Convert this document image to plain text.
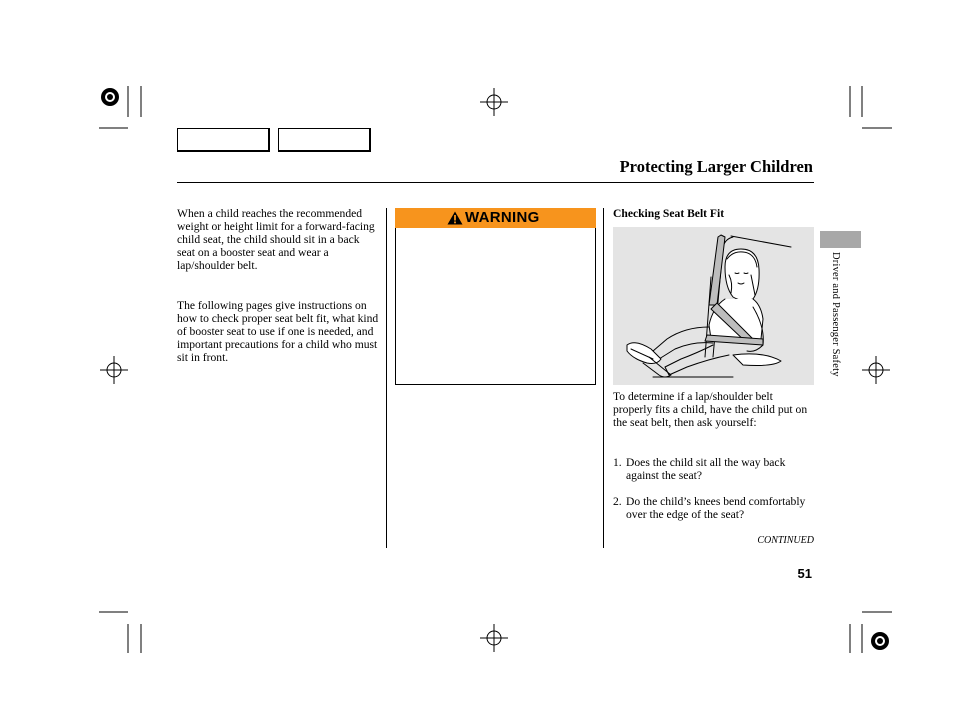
Protecting Larger Children
When a child reaches the recommended weight or height limit for a forward-facing child seat, the child should sit in a back seat on a booster seat and wear a lap/shoulder belt.
The following pages give instructions on how to check proper seat belt fit, what kind of booster seat to use if one is needed, and important precautions for a child who must sit in front.
WARNING	Checking Seat Belt Fit
To determine if a lap/shoulder belt properly fits a child, have the child put on the seat belt, then ask yourself:
1. Does the child sit all the way back against the seat?
2. Do the child’s knees bend comfortably over the edge of the seat?
CONTINUED
Driver and Passenger Safety
51
